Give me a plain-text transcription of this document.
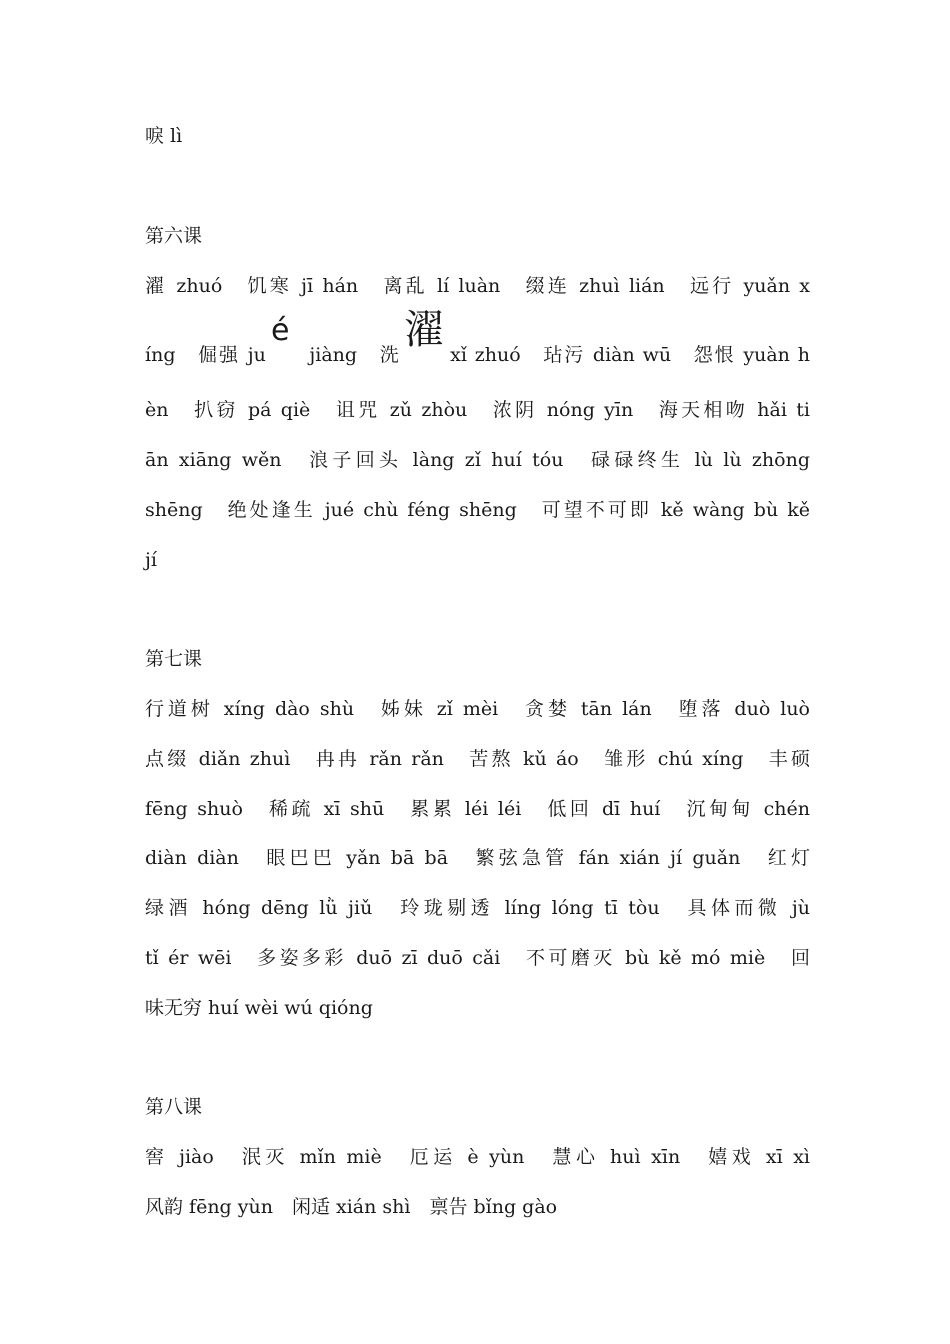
唳 lì
第六课
濯 zhuó　饥寒 jī hán　离乱 lí luàn　缀连 zhuì lián　远行 yuǎn x
íng　倔强 ju　　jiàng　洗　　 xǐ zhuó　玷污 diàn wū　怨恨 yuàn h
èn　扒窃 pá qiè　诅咒 zǔ zhòu　浓阴 nóng yīn　海天相吻 hǎi ti
ān xiāng wěn　浪子回头 làng zǐ huí tóu　碌碌终生 lù lù zhōng
shēng　绝处逢生 jué chù féng shēng　可望不可即 kě wàng bù kě
jí
第七课
行道树 xíng dào shù　姊妹 zǐ mèi　贪婪 tān lán　堕落 duò luò
点缀 diǎn zhuì　冉冉 rǎn rǎn　苦熬 kǔ áo　雏形 chú xíng　丰硕
fēng shuò　稀疏 xī shū　累累 léi léi　低回 dī huí　沉甸甸 chén
diàn diàn　眼巴巴 yǎn bā bā　繁弦急管 fán xián jí guǎn　红灯
绿酒 hóng dēng lǜ jiǔ　玲珑剔透 líng lóng tī tòu　具体而微 jù
tǐ ér wēi　多姿多彩 duō zī duō cǎi　不可磨灭 bù kě mó miè　回
味无穷 huí wèi wú qióng
第八课
窖 jiào　泯灭 mǐn miè　厄运 è yùn　慧心 huì xīn　嬉戏 xī xì
风韵 fēng yùn　闲适 xián shì　禀告 bǐng gào
é	濯
